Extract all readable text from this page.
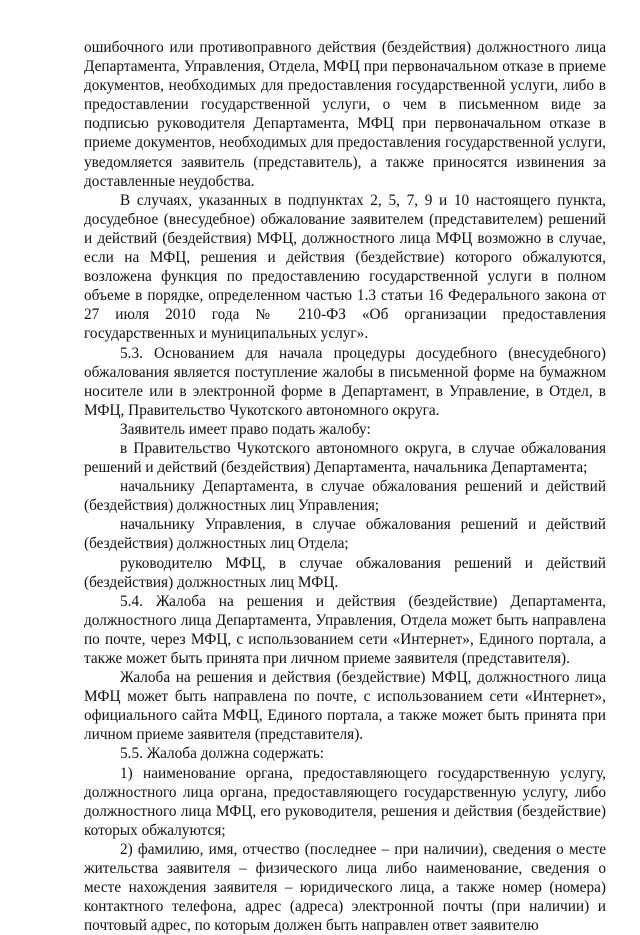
ошибочного или противоправного действия (бездействия) должностного лица Департамента, Управления, Отдела, МФЦ при первоначальном отказе в приеме документов, необходимых для предоставления государственной услуги, либо в предоставлении государственной услуги, о чем в письменном виде за подписью руководителя Департамента, МФЦ при первоначальном отказе в приеме документов, необходимых для предоставления государственной услуги, уведомляется заявитель (представитель), а также приносятся извинения за доставленные неудобства.

В случаях, указанных в подпунктах 2, 5, 7, 9 и 10 настоящего пункта, досудебное (внесудебное) обжалование заявителем (представителем) решений и действий (бездействия) МФЦ, должностного лица МФЦ возможно в случае, если на МФЦ, решения и действия (бездействие) которого обжалуются, возложена функция по предоставлению государственной услуги в полном объеме в порядке, определенном частью 1.3 статьи 16 Федерального закона от 27 июля 2010 года № 210-ФЗ «Об организации предоставления государственных и муниципальных услуг».

5.3. Основанием для начала процедуры досудебного (внесудебного) обжалования является поступление жалобы в письменной форме на бумажном носителе или в электронной форме в Департамент, в Управление, в Отдел, в МФЦ, Правительство Чукотского автономного округа.

Заявитель имеет право подать жалобу:

в Правительство Чукотского автономного округа, в случае обжалования решений и действий (бездействия) Департамента, начальника Департамента;

начальнику Департамента, в случае обжалования решений и действий (бездействия) должностных лиц Управления;

начальнику Управления, в случае обжалования решений и действий (бездействия) должностных лиц Отдела;

руководителю МФЦ, в случае обжалования решений и действий (бездействия) должностных лиц МФЦ.

5.4. Жалоба на решения и действия (бездействие) Департамента, должностного лица Департамента, Управления, Отдела может быть направлена по почте, через МФЦ, с использованием сети «Интернет», Единого портала, а также может быть принята при личном приеме заявителя (представителя).

Жалоба на решения и действия (бездействие) МФЦ, должностного лица МФЦ может быть направлена по почте, с использованием сети «Интернет», официального сайта МФЦ, Единого портала, а также может быть принята при личном приеме заявителя (представителя).

5.5. Жалоба должна содержать:

1) наименование органа, предоставляющего государственную услугу, должностного лица органа, предоставляющего государственную услугу, либо должностного лица МФЦ, его руководителя, решения и действия (бездействие) которых обжалуются;

2) фамилию, имя, отчество (последнее – при наличии), сведения о месте жительства заявителя – физического лица либо наименование, сведения о месте нахождения заявителя – юридического лица, а также номер (номера) контактного телефона, адрес (адреса) электронной почты (при наличии) и почтовый адрес, по которым должен быть направлен ответ заявителю
